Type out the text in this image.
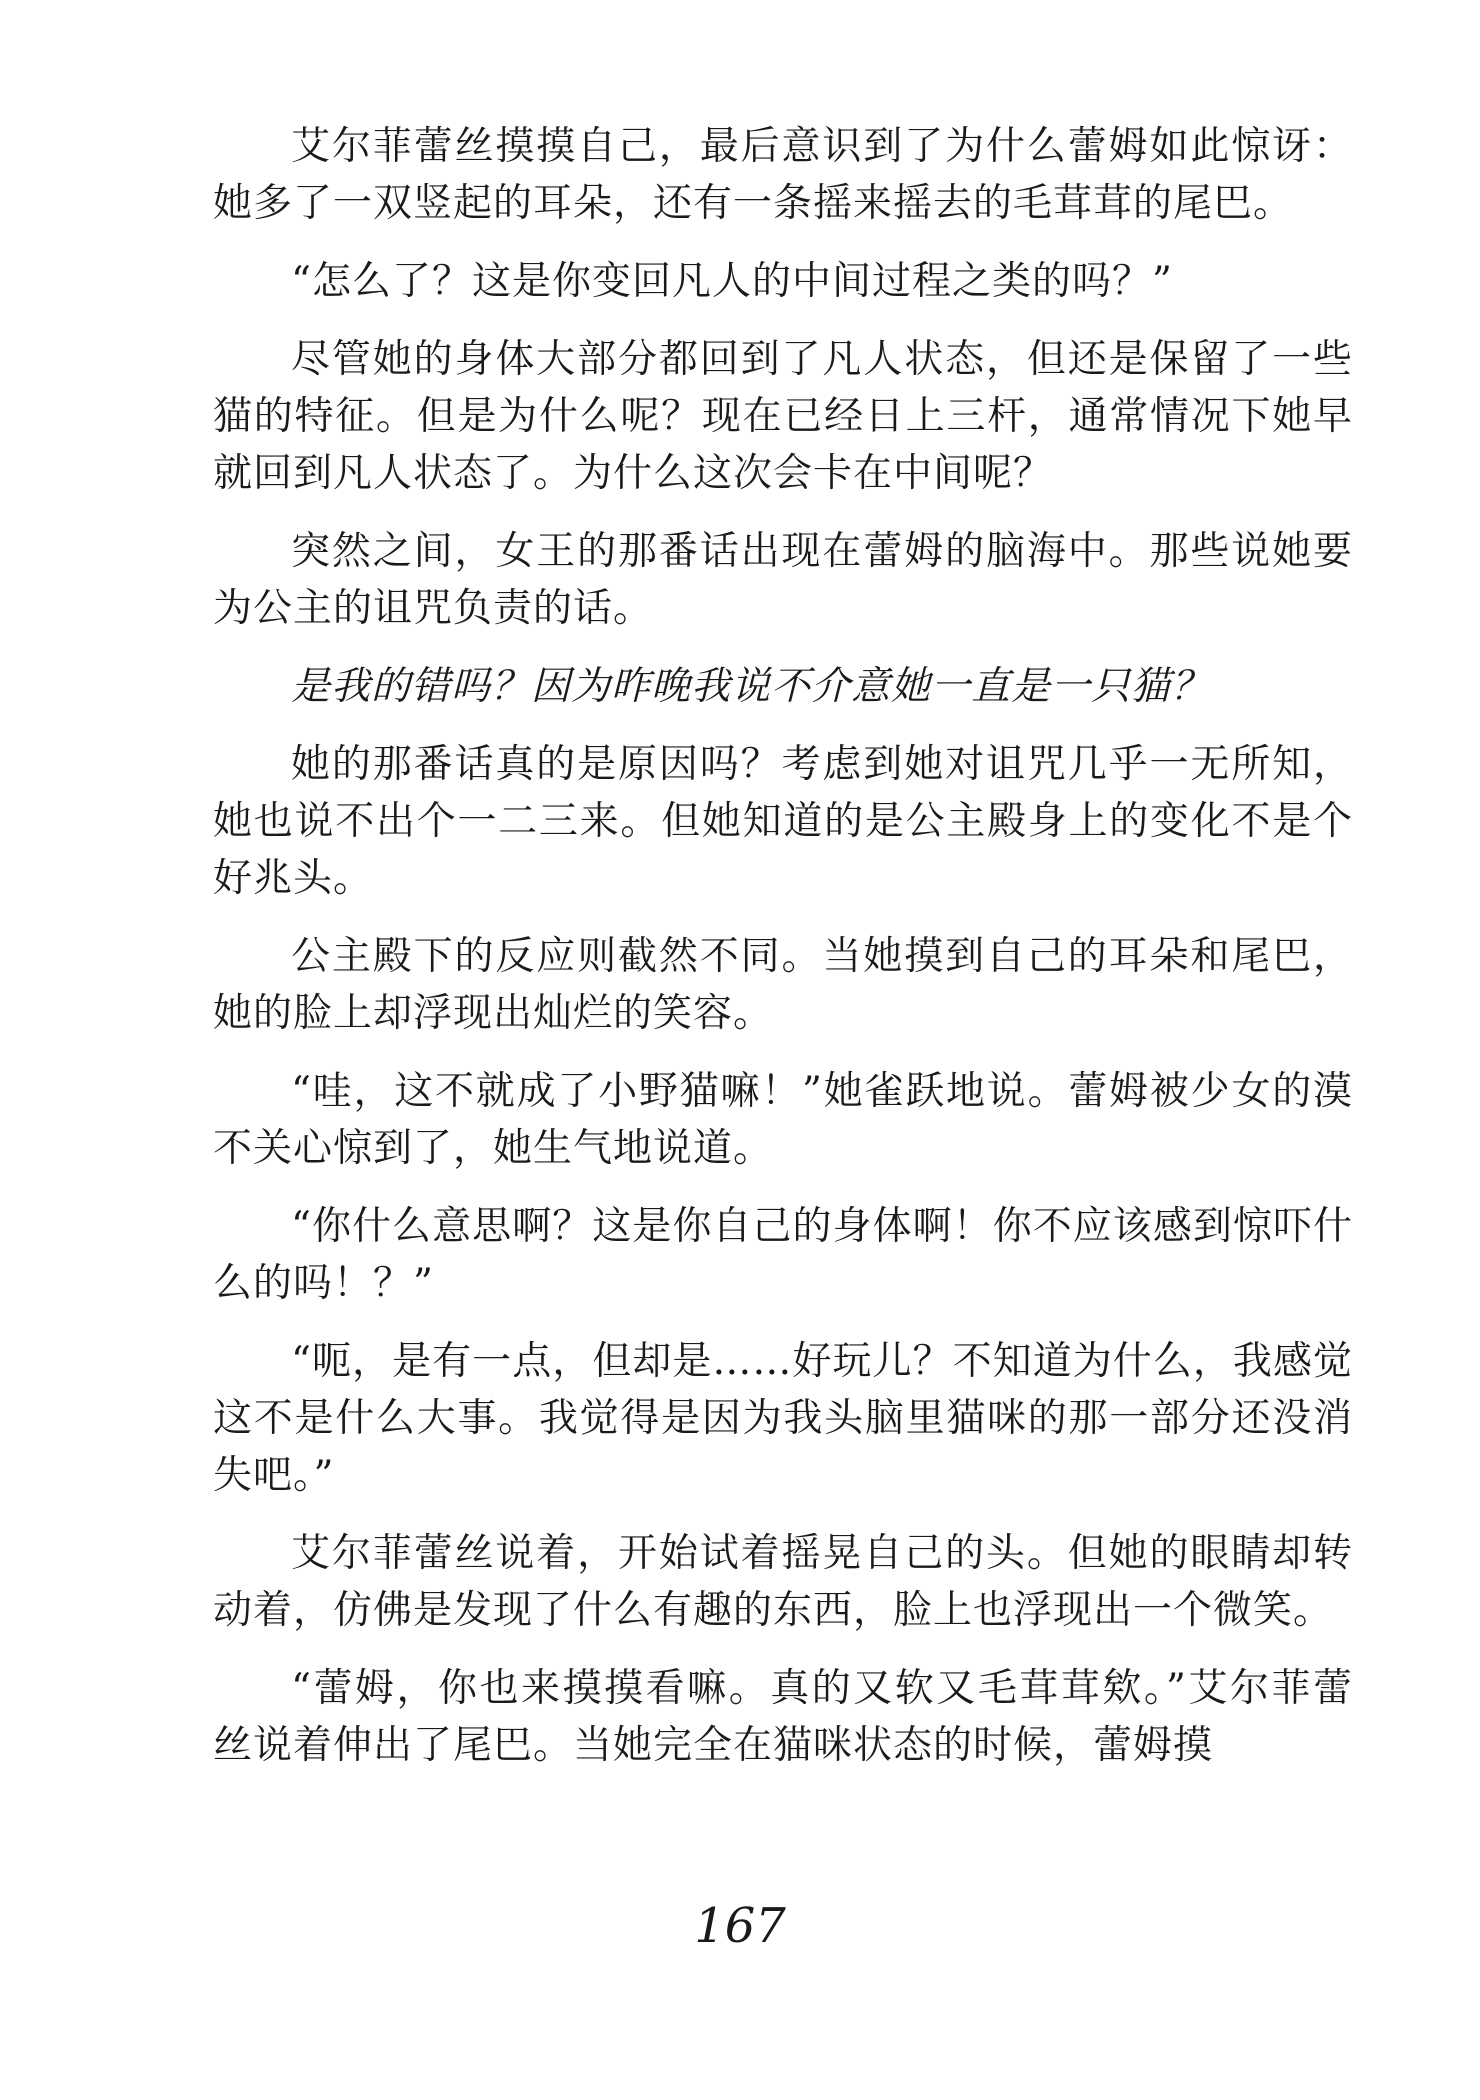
艾尔菲蕾丝摸摸自己，最后意识到了为什么蕾姆如此惊讶：她多了一双竖起的耳朵，还有一条摇来摇去的毛茸茸的尾巴。

“怎么了？这是你变回凡人的中间过程之类的吗？”

尽管她的身体大部分都回到了凡人状态，但还是保留了一些猫的特征。但是为什么呢？现在已经日上三杆，通常情况下她早就回到凡人状态了。为什么这次会卡在中间呢？

突然之间，女王的那番话出现在蕾姆的脑海中。那些说她要为公主的诅咒负责的话。

是我的错吗？因为昨晚我说不介意她一直是一只猫？

她的那番话真的是原因吗？考虑到她对诅咒几乎一无所知，她也说不出个一二三来。但她知道的是公主殿身上的变化不是个好兆头。

公主殿下的反应则截然不同。当她摸到自己的耳朵和尾巴，她的脸上却浮现出灿烂的笑容。

“哇，这不就成了小野猫嘛！”她雀跃地说。蕾姆被少女的漠不关心惊到了，她生气地说道。

“你什么意思啊？这是你自己的身体啊！你不应该感到惊吓什么的吗！？”

“呃，是有一点，但却是……好玩儿？不知道为什么，我感觉这不是什么大事。我觉得是因为我头脑里猫咪的那一部分还没消失吧。”

艾尔菲蕾丝说着，开始试着摇晃自己的头。但她的眼睛却转动着，仿佛是发现了什么有趣的东西，脸上也浮现出一个微笑。

“蕾姆，你也来摸摸看嘛。真的又软又毛茸茸欸。”艾尔菲蕾丝说着伸出了尾巴。当她完全在猫咪状态的时候，蕾姆摸

167
